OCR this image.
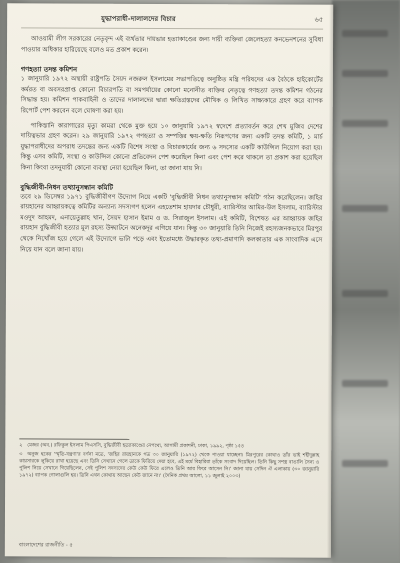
যুদ্ধাপরাধী-দালালদের বিচার	৬৫

আওয়ামী লীগ সরকারের নেতৃবৃন্দ এই ব্যর্থতার দায়ভার হত্যাকাণ্ডের জন্য দায়ী ব্যক্তিরা জেলেহত্যা কনভেনশনের সুবিধা পাওয়ার অধিকার হারিয়েছে বলেও মত প্রকাশ করেন।

গণহত্যা তদন্ত কমিশন

১ জানুয়ারি ১৯৭২ অস্থায়ী রাষ্ট্রপতি সৈয়দ নজরুল ইসলামের সভাপতিত্বে অনুষ্ঠিত মন্ত্রি পরিষদের এক বৈঠকে হাইকোর্টের কর্মরত বা অবসরপ্রাপ্ত কোনো বিচারপতি বা সমপর্যায়ের কোনো মনোনীত ব্যক্তির নেতৃত্বে গণহত্যা তদন্ত কমিশন গঠনের সিদ্ধান্ত হয়। কমিশন পাকবাহিনী ও তাদের দালালদের দ্বারা ক্ষতিগ্রস্তদের মৌখিক ও লিখিত সাক্ষ্যকারে গ্রহণ করে ব্যাপক রিপোর্ট পেশ করবেন বলে ঘোষণা করা হয়।

পাকিস্তানি কারাগারের মৃত্যু কামরা থেকে মুক্ত হয়ে ১০ জানুয়ারি ১৯৭২ স্বদেশে প্রত্যাবর্তন করে শেখ মুজিব দেশের দায়িত্বভার গ্রহণ করেন। ২৯ জানুয়ারি ১৯৭২ গণহত্যা ও সম্পত্তির ক্ষয়-ক্ষতি নিরূপণের জন্য একটি তদন্ত কমিটি, ১ মার্চ যুদ্ধাপরাধীদের অপরাধ তদন্তের জন্য একটি বিশেষ সংস্থা ও বিচারকার্যের জন্য ৬ সদস্যের একটি কাউন্সিল নিয়োগ করা হয়। কিন্তু এসব কমিটি, সংস্থা ও কাউন্সিল কোনো প্রতিবেদন পেশ করেছিল কিনা এবং পেশ করে থাকলে তা প্রকাশ করা হয়েছিল কিনা কিংবা তদনুযায়ী কোনো ব্যবস্থা নেয়া হয়েছিল কিনা, তা জানা যায় নি।

বুদ্ধিজীবী-নিধন তথ্যানুসন্ধান কমিটি

তবে ২৯ ডিসেম্বর ১৯৭১ বুদ্ধিজীবীগণ উদ্যোগ নিয়ে একটি 'বুদ্ধিজীবী নিধন তথ্যানুসন্ধান কমিটি' গঠন করেছিলেন। জহির রায়হানের আহ্বায়কত্বে কমিটির অন্যান্য সদস্যগণ হলেন এহতেশাম হায়দার চৌধুরী, ব্যারিস্টার আমির-উল ইসলাম, ব্যারিস্টার মওদুদ আহমদ, এনায়েতুল্লাহ খান, সৈয়দ হাসান ইমাম ও ড. সিরাজুল ইসলাম। এই কমিটি, বিশেষত এর আহ্বায়ক জহির রায়হান বুদ্ধিজীবী হত্যার মূল রহস্য উদ্ঘাটনে অনেকদূর এগিয়ে যান। কিন্তু ৩০ জানুয়ারি তিনি নিজেই রহস্যজনকভাবে মিরপুর থেকে নিখোঁজ হয়ে গেলে এই উদ্যোগে ভাটা পড়ে এবং ইতোমধ্যে উদ্ধারকৃত তথ্য-প্রমাণাদি কলকাতার এক সাংবাদিক এসে নিয়ে যান বলে জানা যায়।

২ মেজর (অব.) রফিকুল ইসলাম পিএসসি, বুদ্ধিজীবী হত্যাকাণ্ডের নেপথ্যে, আগামী প্রকাশনী, ঢাকা, ১৯৯২, পৃষ্ঠা ১৫৪

৩ অনুজ হকের 'স্মৃতি-যন্ত্রণা'র বর্ণনা মতে, 'জহির রায়হানকে গত ৩০ জানুয়ারি (১৯৭২) থেকে পাওয়া যাচ্ছেনা। মিরপুরের কোথাও তাঁর ভাই শহীদুল্লাহ কায়সারকে লুকিয়ে রাখা হয়েছে এবং তিনি সেখানে গেলে তাকে ফিরিয়ে দেয়া হবে, এই মর্মে বিহারিরা তাঁকে সংবাদ দিয়েছিল। তিনি কিছু সশস্ত্র বাঙালি সৈন্য ও পুলিশ নিয়ে সেখানে গিয়েছিলেন, সেই পুলিশ সদস্যদের কেউ কেউ ফিরে এলেও তিনি আর ফিরে আসেন নি।' জানা যায় সেদিন ঐ এলাকায় (৩০ জানুয়ারি ১৯৭২) ব্যাপক গোলাগুলি হয়। তিনি এখন কোথায় আছেন কেউ জানে না।' (দৈনিক প্রথম আলো, ১১ জুলাই ২০০৩)

বাংলাদেশের রাজনীতি - ৫
